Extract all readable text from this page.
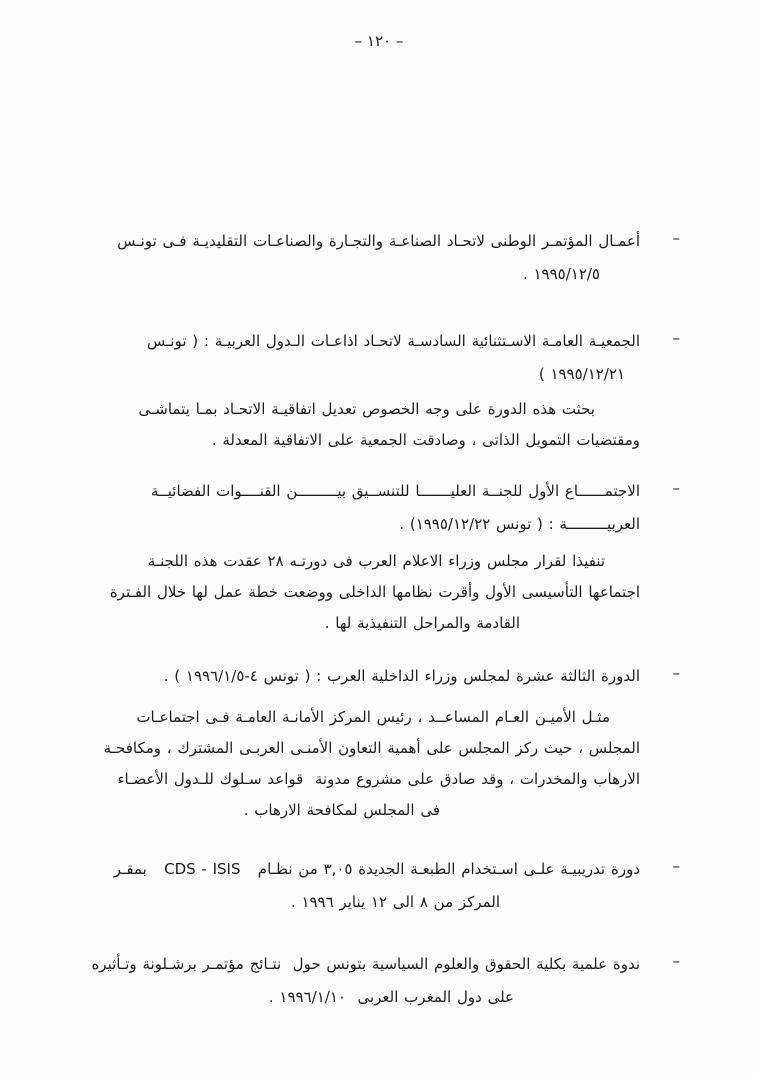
– ١٢٠ –
–
أعمـال المؤتمـر الوطنى لاتحـاد الصناعـة والتجـارة والصناعـات التقليديـة فـى تونـس
١٩٩٥/١٢/٥ .
–
الجمعيـة العامـة الاسـتثنائية السادسـة لاتحـاد اذاعـات الـدول العربيـة : ( تونـس
١٩٩٥/١٢/٢١ )
بحثت هذه الدورة على وجه الخصوص تعديل اتفاقيـة الاتحـاد بمـا يتماشـى
ومقتضيات التمويل الذاتى ، وصادقت الجمعية على الاتفاقية المعدلة .
–
الاجتمــــــاع الأول للجنــة العليـــــــا للتنســيق بيـــــــــن القنــــوات الفضائيــة
العربيـــــــــة : ( تونس ١٩٩٥/١٢/٢٢) .
تنفيذا لقرار مجلس وزراء الاعلام العرب فى دورتـه ٢٨ عقدت هذه اللجنـة
اجتماعها التأسيسى الأول وأقرت نظامها الداخلى ووضعت خطة عمل لها خلال الفـترة
القادمة والمراحل التنفيذية لها .
–
الدورة الثالثة عشرة لمجلس وزراء الداخلية العرب : ( تونس ٤-١٩٩٦/١/٥ ) .
مثـل الأميـن العـام المساعــد ، رئيس المركز الأمانـة العامـة فـى اجتماعـات
المجلس ، حيث ركز المجلس على أهمية التعاون الأمنـى العربـى المشترك ، ومكافحـة
الارهاب والمخدرات ، وقد صادق على مشروع مدونة  قواعد سـلوك للـدول الأعضـاء
فى المجلس لمكافحة الارهاب .
–
دورة تدريبيـة علـى اسـتخدام الطبعـة الجديدة ٣,٠٥ من نظـام   CDS - ISIS   بمقـر
المركز من ٨ الى ١٢ يناير ١٩٩٦ .
–
ندوة علمية بكلية الحقوق والعلوم السياسية بتونس حول  نتـائج مؤتمـر برشـلونة وتـأثيره
على دول المغرب العربى  ١٩٩٦/١/١٠ .
